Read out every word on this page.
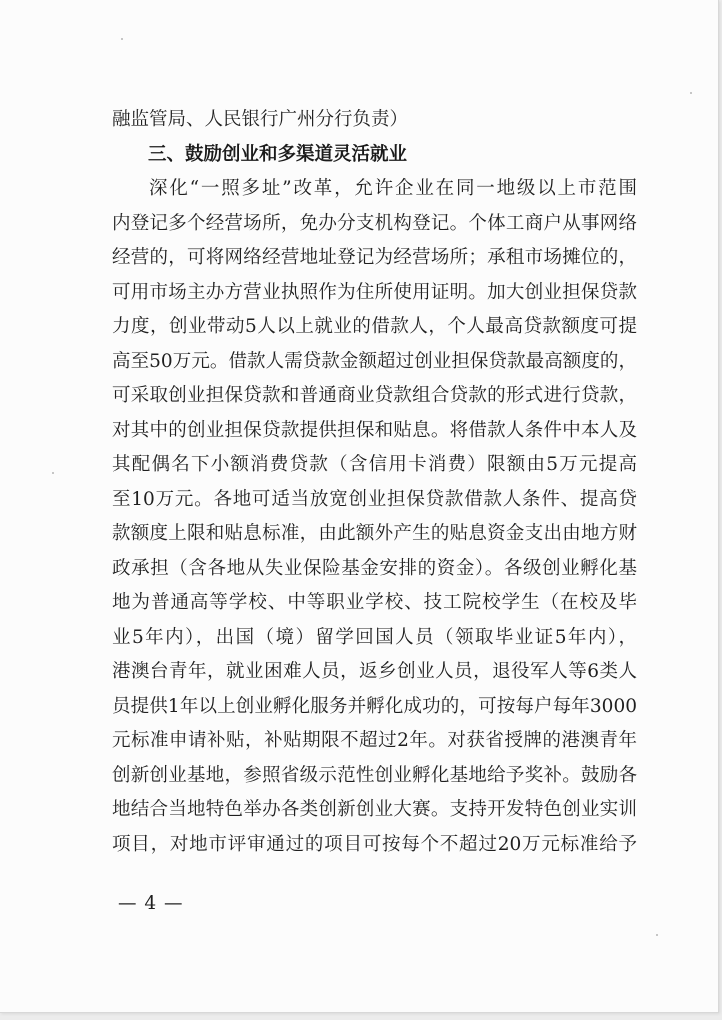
融监管局、人民银行广州分行负责）
三、鼓励创业和多渠道灵活就业
深化“一照多址”改革，允许企业在同一地级以上市范围
内登记多个经营场所，免办分支机构登记。个体工商户从事网络
经营的，可将网络经营地址登记为经营场所；承租市场摊位的，
可用市场主办方营业执照作为住所使用证明。加大创业担保贷款
力度，创业带动5人以上就业的借款人，个人最高贷款额度可提
高至50万元。借款人需贷款金额超过创业担保贷款最高额度的，
可采取创业担保贷款和普通商业贷款组合贷款的形式进行贷款，
对其中的创业担保贷款提供担保和贴息。将借款人条件中本人及
其配偶名下小额消费贷款（含信用卡消费）限额由5万元提高
至10万元。各地可适当放宽创业担保贷款借款人条件、提高贷
款额度上限和贴息标准，由此额外产生的贴息资金支出由地方财
政承担（含各地从失业保险基金安排的资金）。各级创业孵化基
地为普通高等学校、中等职业学校、技工院校学生（在校及毕
业5年内），出国（境）留学回国人员（领取毕业证5年内），
港澳台青年，就业困难人员，返乡创业人员，退役军人等6类人
员提供1年以上创业孵化服务并孵化成功的，可按每户每年3000
元标准申请补贴，补贴期限不超过2年。对获省授牌的港澳青年
创新创业基地，参照省级示范性创业孵化基地给予奖补。鼓励各
地结合当地特色举办各类创新创业大赛。支持开发特色创业实训
项目，对地市评审通过的项目可按每个不超过20万元标准给予
— 4 —
